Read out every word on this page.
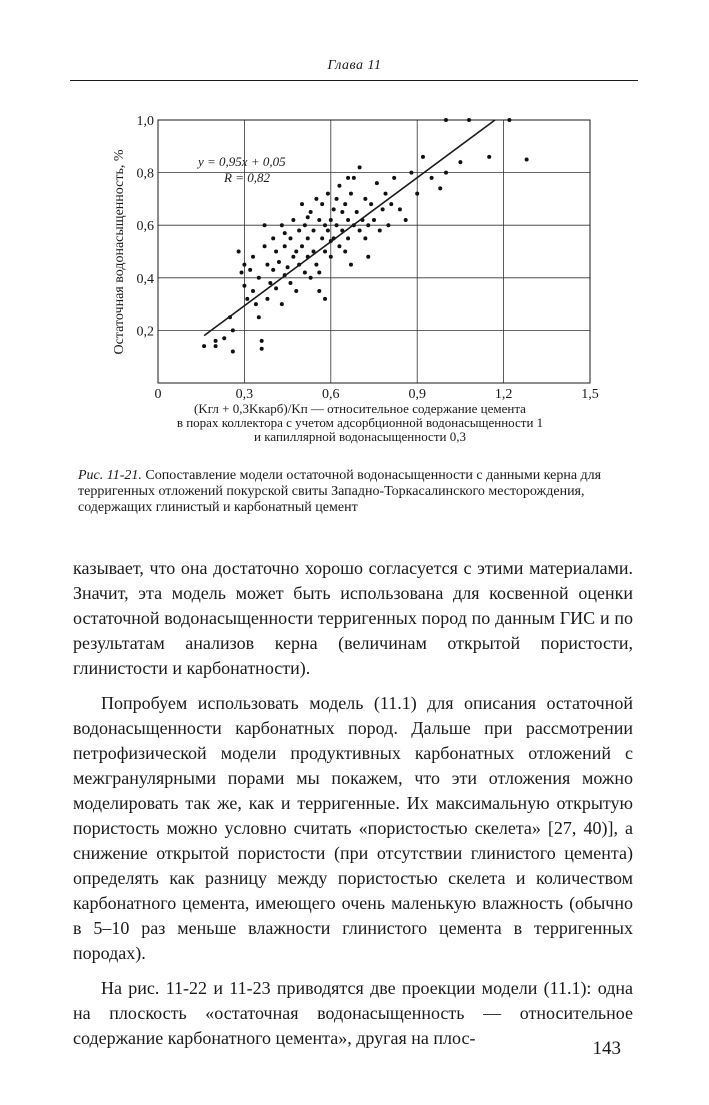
Глава 11
0,2
0,4
0,6
0,8
1,0
0	0,3	0,6	0,9	1,2	1,5
Остаточная водонасыщенность, %	y = 0,95x + 0,05
R = 0,82
(Kгл + 0,3Kкарб)/Kп — относительное содержание цемента
в порах коллектора с учетом адсорбционной водонасыщенности 1
и капиллярной водонасыщенности 0,3
Рис. 11-21. Сопоставление модели остаточной водонасыщенности с данными керна для терригенных отложений покурской свиты Западно-Торкасалинского месторождения, содержащих глинистый и карбонатный цемент

казывает, что она достаточно хорошо согласуется с этими материалами. Значит, эта модель может быть использована для косвенной оценки остаточной водонасыщенности терригенных пород по данным ГИС и по результатам анализов керна (величинам открытой пористости, глинистости и карбонатности).

Попробуем использовать модель (11.1) для описания остаточной водонасыщенности карбонатных пород. Дальше при рассмотрении петрофизической модели продуктивных карбонатных отложений с межгранулярными порами мы покажем, что эти отложения можно моделировать так же, как и терригенные. Их максимальную открытую пористость можно условно считать «пористостью скелета» [27, 40)], а снижение открытой пористости (при отсутствии глинистого цемента) определять как разницу между пористостью скелета и количеством карбонатного цемента, имеющего очень маленькую влажность (обычно в 5–10 раз меньше влажности глинистого цемента в терригенных породах).

На рис. 11-22 и 11-23 приводятся две проекции модели (11.1): одна на плоскость «остаточная водонасыщенность — относительное содержание карбонатного цемента», другая на плос-	143
